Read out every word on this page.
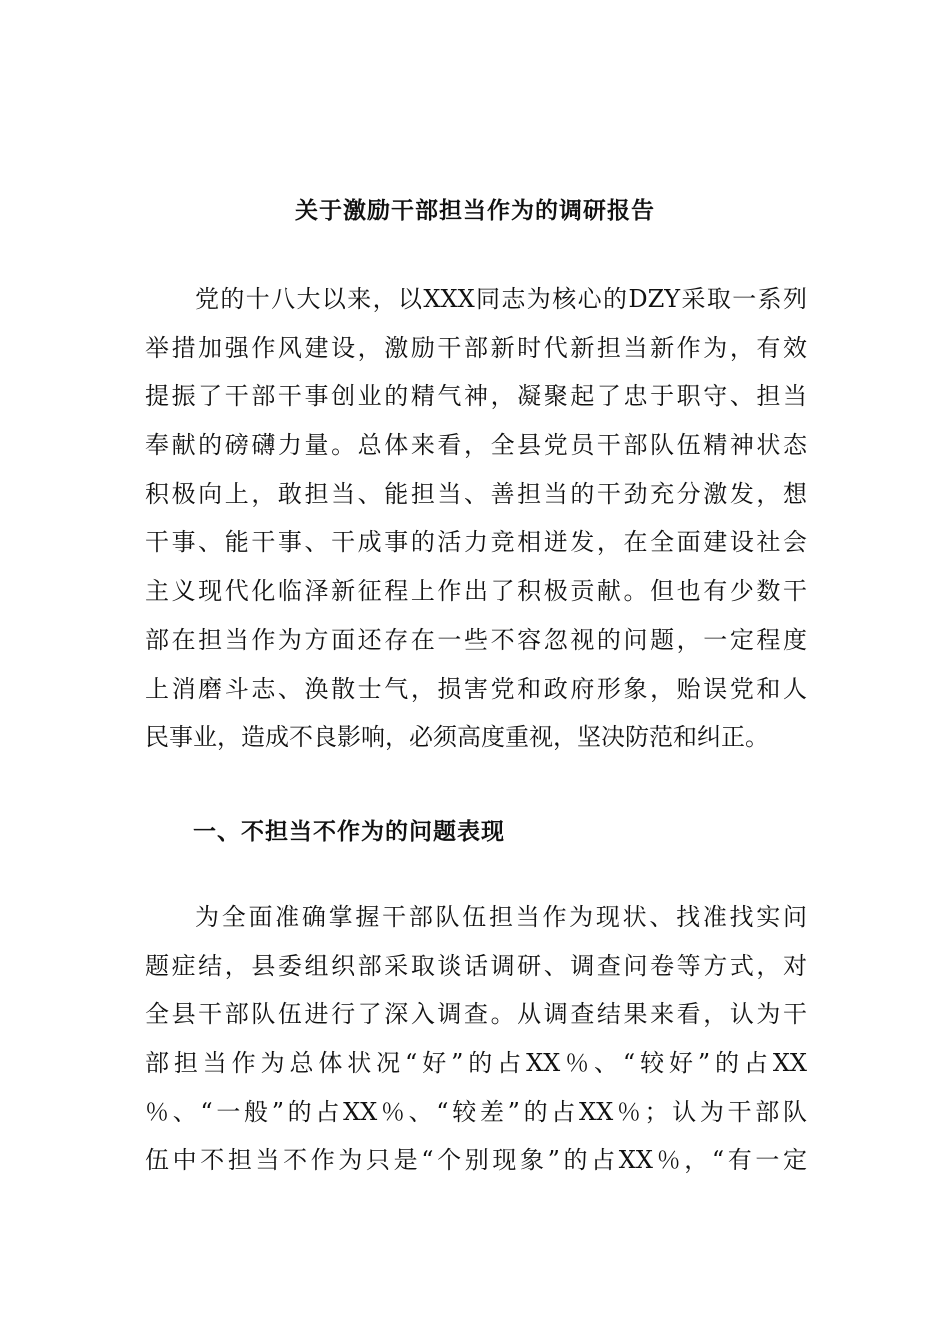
关于激励干部担当作为的调研报告
党的十八大以来，以XXX同志为核心的DZY采取一系列
举措加强作风建设，激励干部新时代新担当新作为，有效
提振了干部干事创业的精气神，凝聚起了忠于职守、担当
奉献的磅礴力量。总体来看，全县党员干部队伍精神状态
积极向上，敢担当、能担当、善担当的干劲充分激发，想
干事、能干事、干成事的活力竞相迸发，在全面建设社会
主义现代化临泽新征程上作出了积极贡献。但也有少数干
部在担当作为方面还存在一些不容忽视的问题，一定程度
上消磨斗志、涣散士气，损害党和政府形象，贻误党和人
民事业，造成不良影响，必须高度重视，坚决防范和纠正。
一、不担当不作为的问题表现
为全面准确掌握干部队伍担当作为现状、找准找实问
题症结，县委组织部采取谈话调研、调查问卷等方式，对
全县干部队伍进行了深入调查。从调查结果来看，认为干
部担当作为总体状况“好”的占XX％、“较好”的占XX
％、“一般”的占XX％、“较差”的占XX％；认为干部队
伍中不担当不作为只是“个别现象”的占XX％，“有一定
